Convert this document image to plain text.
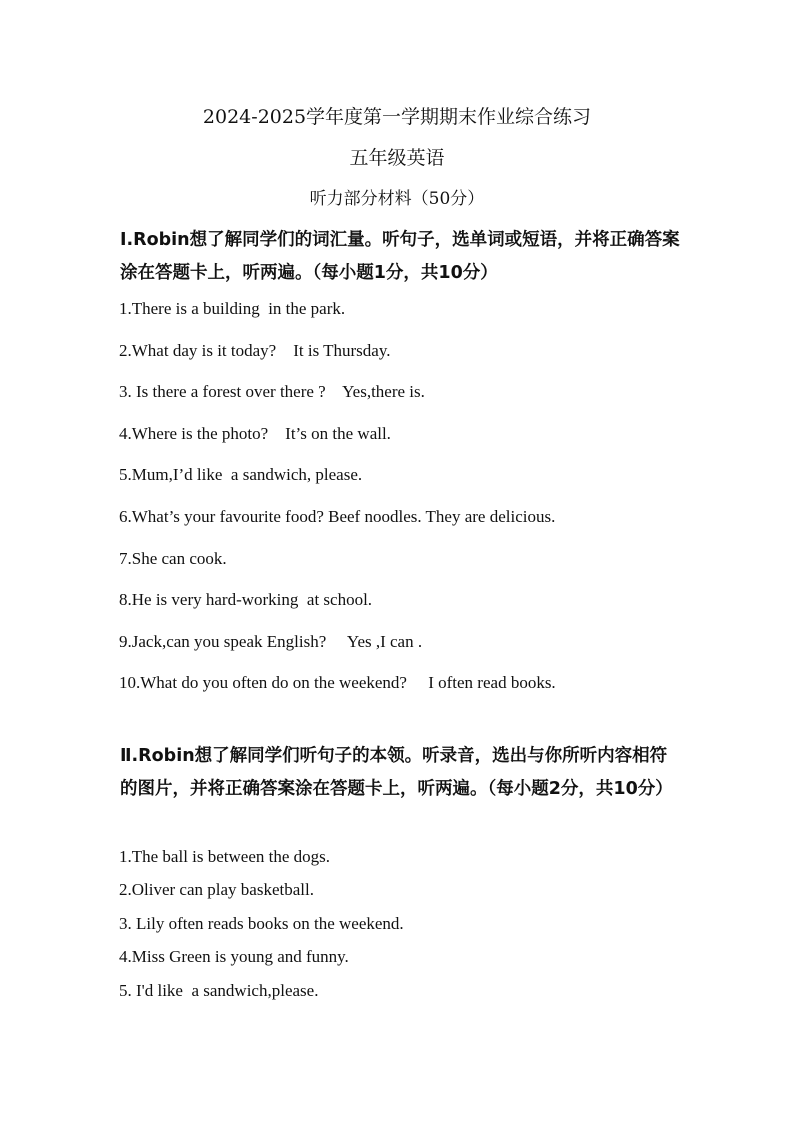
2024-2025学年度第一学期期末作业综合练习
五年级英语
听力部分材料（50分）
Ⅰ.Robin想了解同学们的词汇量。听句子，选单词或短语，并将正确答案涂在答题卡上，听两遍。（每小题1分，共10分）
1.There is a building  in the park.
2.What day is it today?    It is Thursday.
3. Is there a forest over there ?    Yes,there is.
4.Where is the photo?    It’s on the wall.
5.Mum,I’d like  a sandwich, please.
6.What’s your favourite food? Beef noodles. They are delicious.
7.She can cook.
8.He is very hard-working  at school.
9.Jack,can you speak English?     Yes ,I can .
10.What do you often do on the weekend?     I often read books.
Ⅱ.Robin想了解同学们听句子的本领。听录音，选出与你所听内容相符的图片，并将正确答案涂在答题卡上，听两遍。（每小题2分，共10分）
1.The ball is between the dogs.
2.Oliver can play basketball.
3. Lily often reads books on the weekend.
4.Miss Green is young and funny.
5. I'd like  a sandwich,please.
